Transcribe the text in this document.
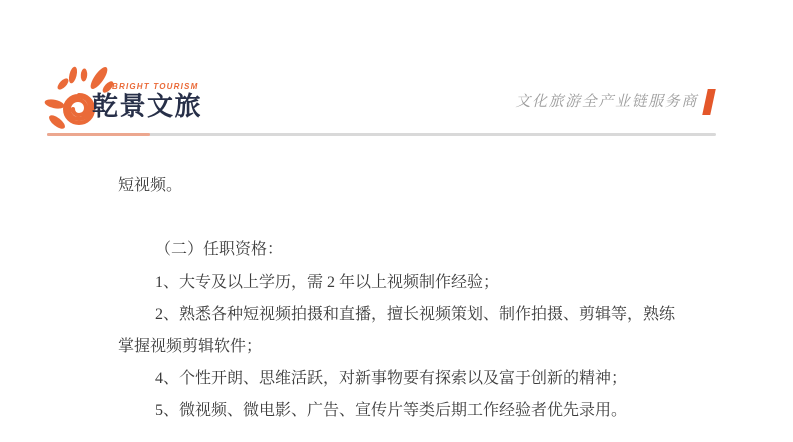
BRIGHT TOURISM
乾景文旅	文化旅游全产业链服务商
短视频。
（二）任职资格：
1、大专及以上学历，需 2 年以上视频制作经验；
2、熟悉各种短视频拍摄和直播，擅长视频策划、制作拍摄、剪辑等，熟练
掌握视频剪辑软件；
4、个性开朗、思维活跃，对新事物要有探索以及富于创新的精神；
5、微视频、微电影、广告、宣传片等类后期工作经验者优先录用。
